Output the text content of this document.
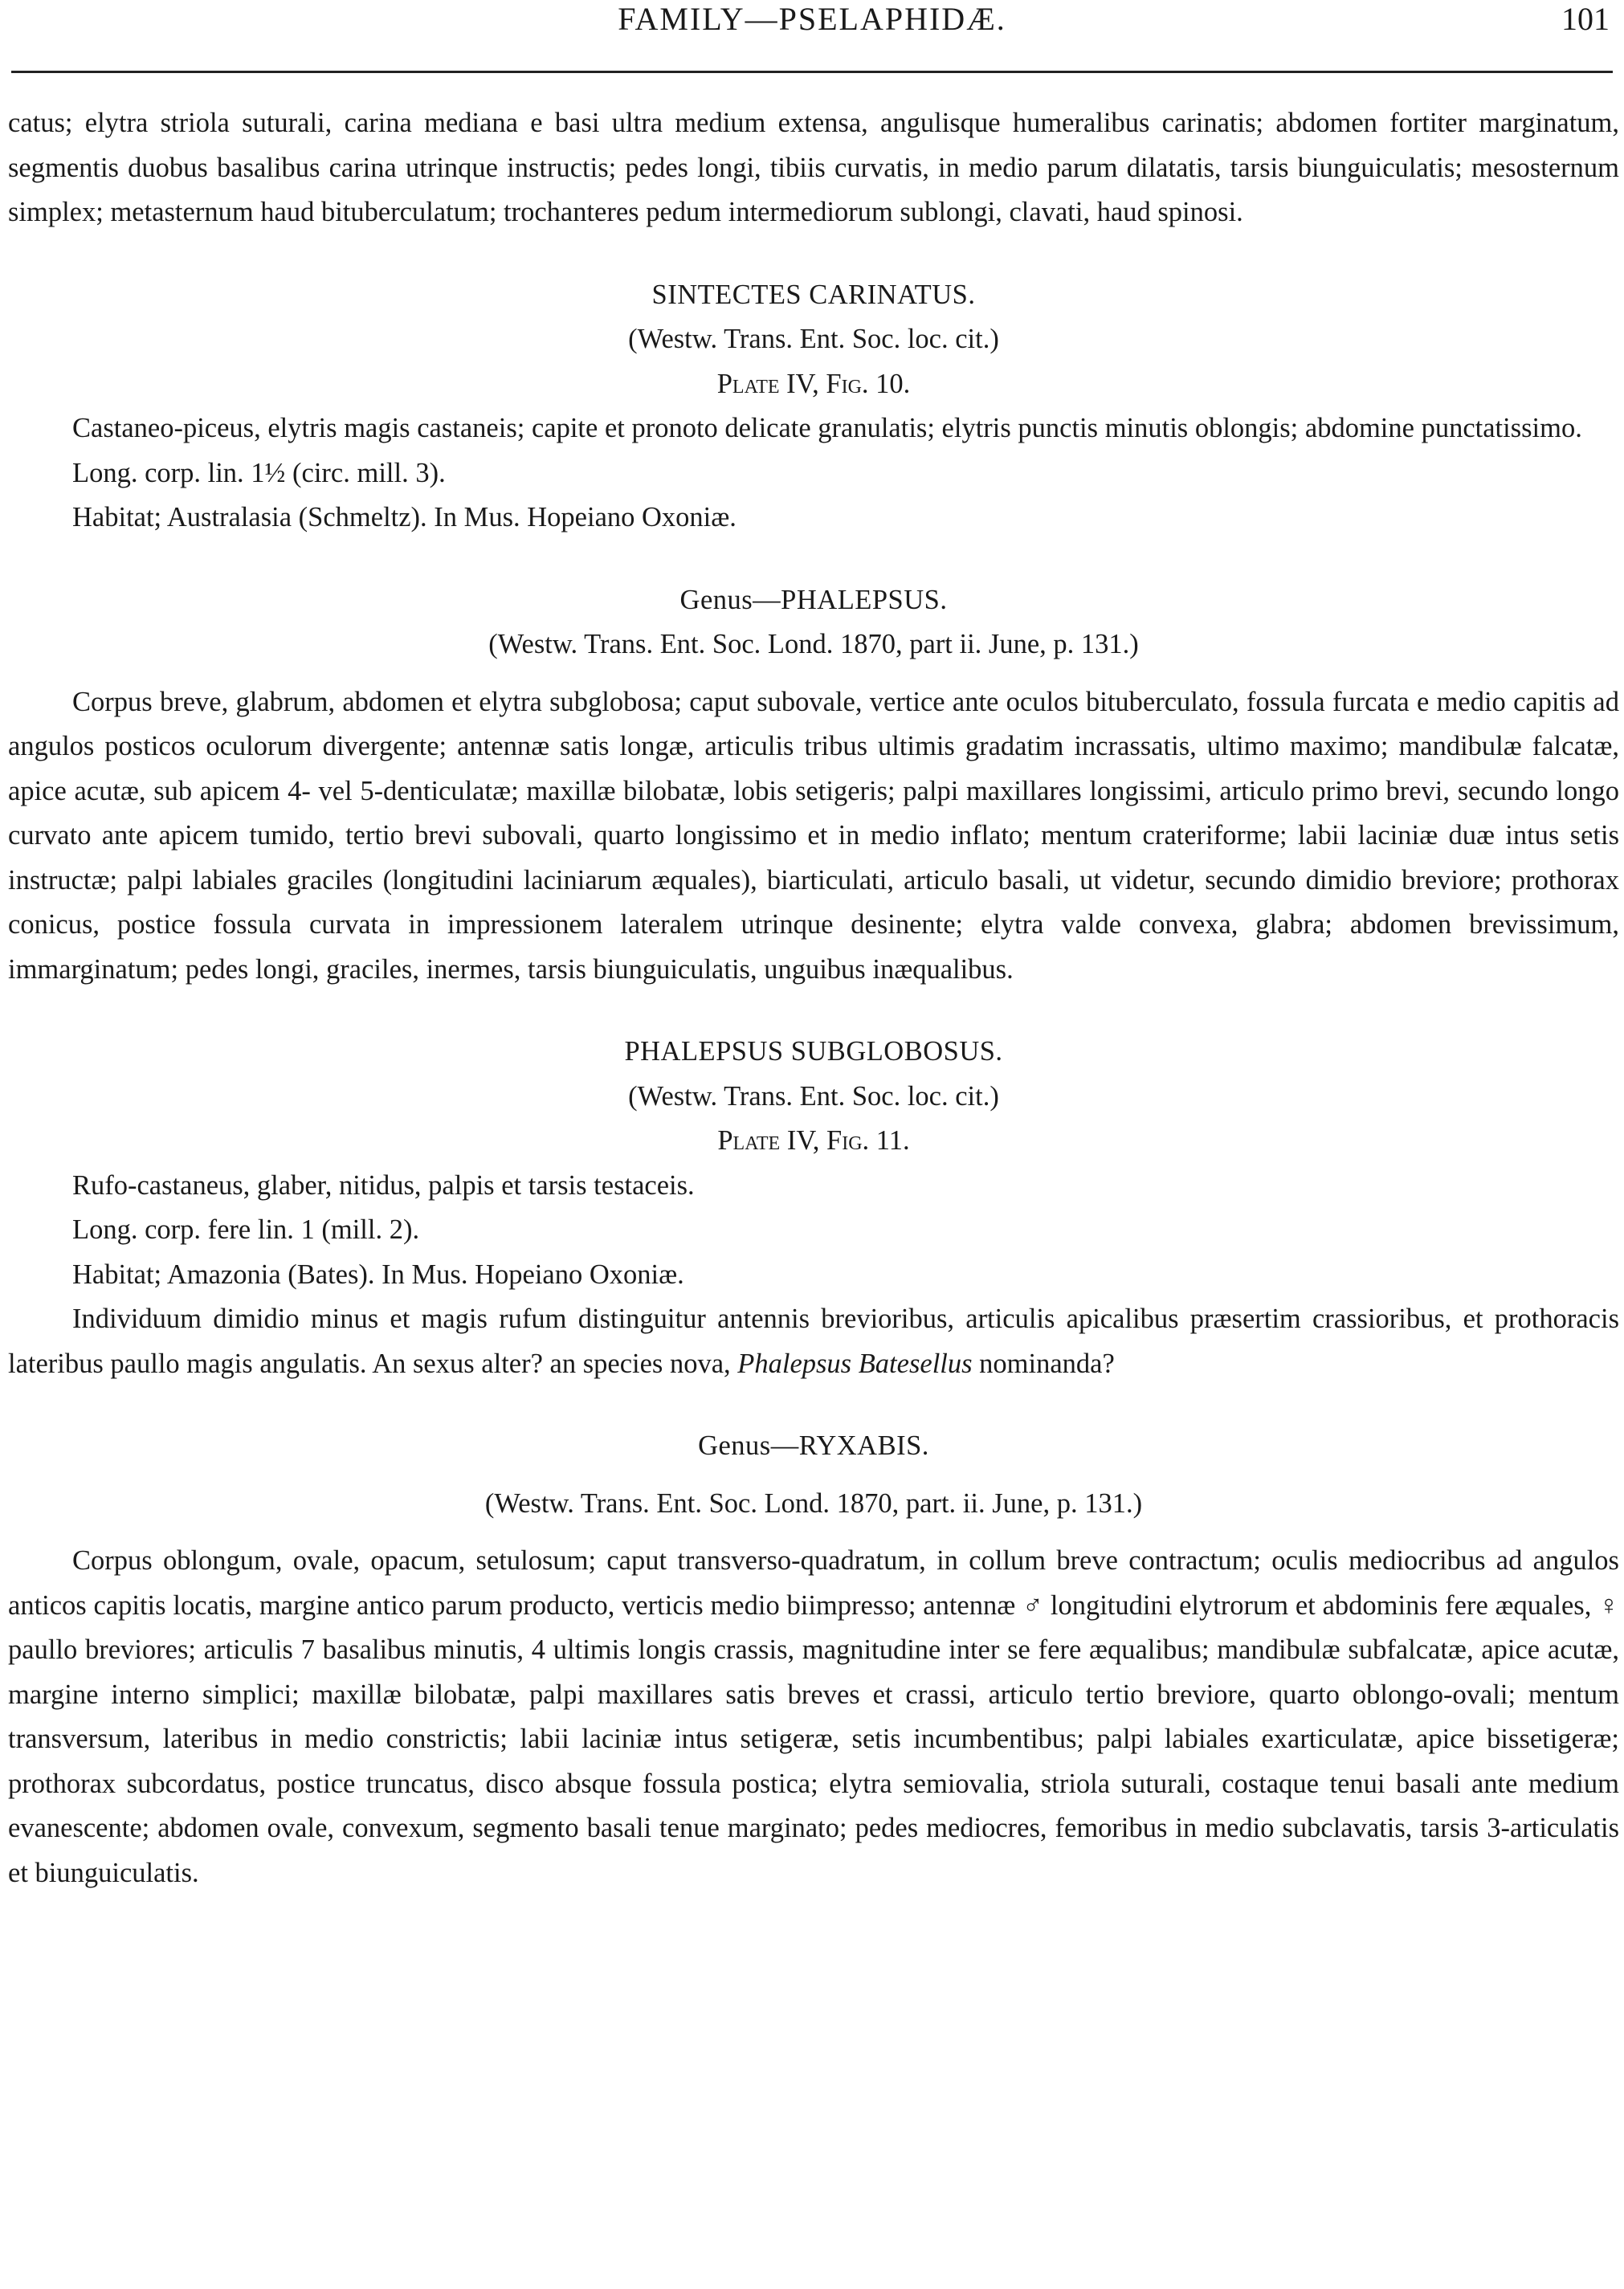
FAMILY—PSELAPHIDÆ.	101

catus; elytra striola suturali, carina mediana e basi ultra medium extensa, angulisque humeralibus carinatis; abdomen fortiter marginatum, segmentis duobus basalibus carina utrinque instructis; pedes longi, tibiis curvatis, in medio parum dilatatis, tarsis biunguiculatis; mesosternum simplex; metasternum haud bituberculatum; trochanteres pedum intermediorum sublongi, clavati, haud spinosi.

SINTECTES CARINATUS.

(Westw. Trans. Ent. Soc. loc. cit.)

Plate IV, Fig. 10.

Castaneo-piceus, elytris magis castaneis; capite et pronoto delicate granulatis; elytris punctis minutis oblongis; abdomine punctatissimo.

Long. corp. lin. 1½ (circ. mill. 3).

Habitat; Australasia (Schmeltz). In Mus. Hopeiano Oxoniæ.

Genus—PHALEPSUS.

(Westw. Trans. Ent. Soc. Lond. 1870, part ii. June, p. 131.)

Corpus breve, glabrum, abdomen et elytra subglobosa; caput subovale, vertice ante oculos bituberculato, fossula furcata e medio capitis ad angulos posticos oculorum divergente; antennæ satis longæ, articulis tribus ultimis gradatim incrassatis, ultimo maximo; mandibulæ falcatæ, apice acutæ, sub apicem 4- vel 5-denticulatæ; maxillæ bilobatæ, lobis setigeris; palpi maxillares longissimi, articulo primo brevi, secundo longo curvato ante apicem tumido, tertio brevi subovali, quarto longissimo et in medio inflato; mentum crateriforme; labii laciniæ duæ intus setis instructæ; palpi labiales graciles (longitudini laciniarum æquales), biarticulati, articulo basali, ut videtur, secundo dimidio breviore; prothorax conicus, postice fossula curvata in impressionem lateralem utrinque desinente; elytra valde convexa, glabra; abdomen brevissimum, immarginatum; pedes longi, graciles, inermes, tarsis biunguiculatis, unguibus inæqualibus.

PHALEPSUS SUBGLOBOSUS.

(Westw. Trans. Ent. Soc. loc. cit.)

Plate IV, Fig. 11.

Rufo-castaneus, glaber, nitidus, palpis et tarsis testaceis.

Long. corp. fere lin. 1 (mill. 2).

Habitat; Amazonia (Bates). In Mus. Hopeiano Oxoniæ.

Individuum dimidio minus et magis rufum distinguitur antennis brevioribus, articulis apicalibus præsertim crassioribus, et prothoracis lateribus paullo magis angulatis. An sexus alter? an species nova, Phalepsus Batesellus nominanda?

Genus—RYXABIS.

(Westw. Trans. Ent. Soc. Lond. 1870, part. ii. June, p. 131.)

Corpus oblongum, ovale, opacum, setulosum; caput transverso-quadratum, in collum breve contractum; oculis mediocribus ad angulos anticos capitis locatis, margine antico parum producto, verticis medio biimpresso; antennæ ♂ longitudini elytrorum et abdominis fere æquales, ♀ paullo breviores; articulis 7 basalibus minutis, 4 ultimis longis crassis, magnitudine inter se fere æqualibus; mandibulæ subfalcatæ, apice acutæ, margine interno simplici; maxillæ bilobatæ, palpi maxillares satis breves et crassi, articulo tertio breviore, quarto oblongo-ovali; mentum transversum, lateribus in medio constrictis; labii laciniæ intus setigeræ, setis incumbentibus; palpi labiales exarticulatæ, apice bissetigeræ; prothorax subcordatus, postice truncatus, disco absque fossula postica; elytra semiovalia, striola suturali, costaque tenui basali ante medium evanescente; abdomen ovale, convexum, segmento basali tenue marginato; pedes mediocres, femoribus in medio subclavatis, tarsis 3-articulatis et biunguiculatis.
